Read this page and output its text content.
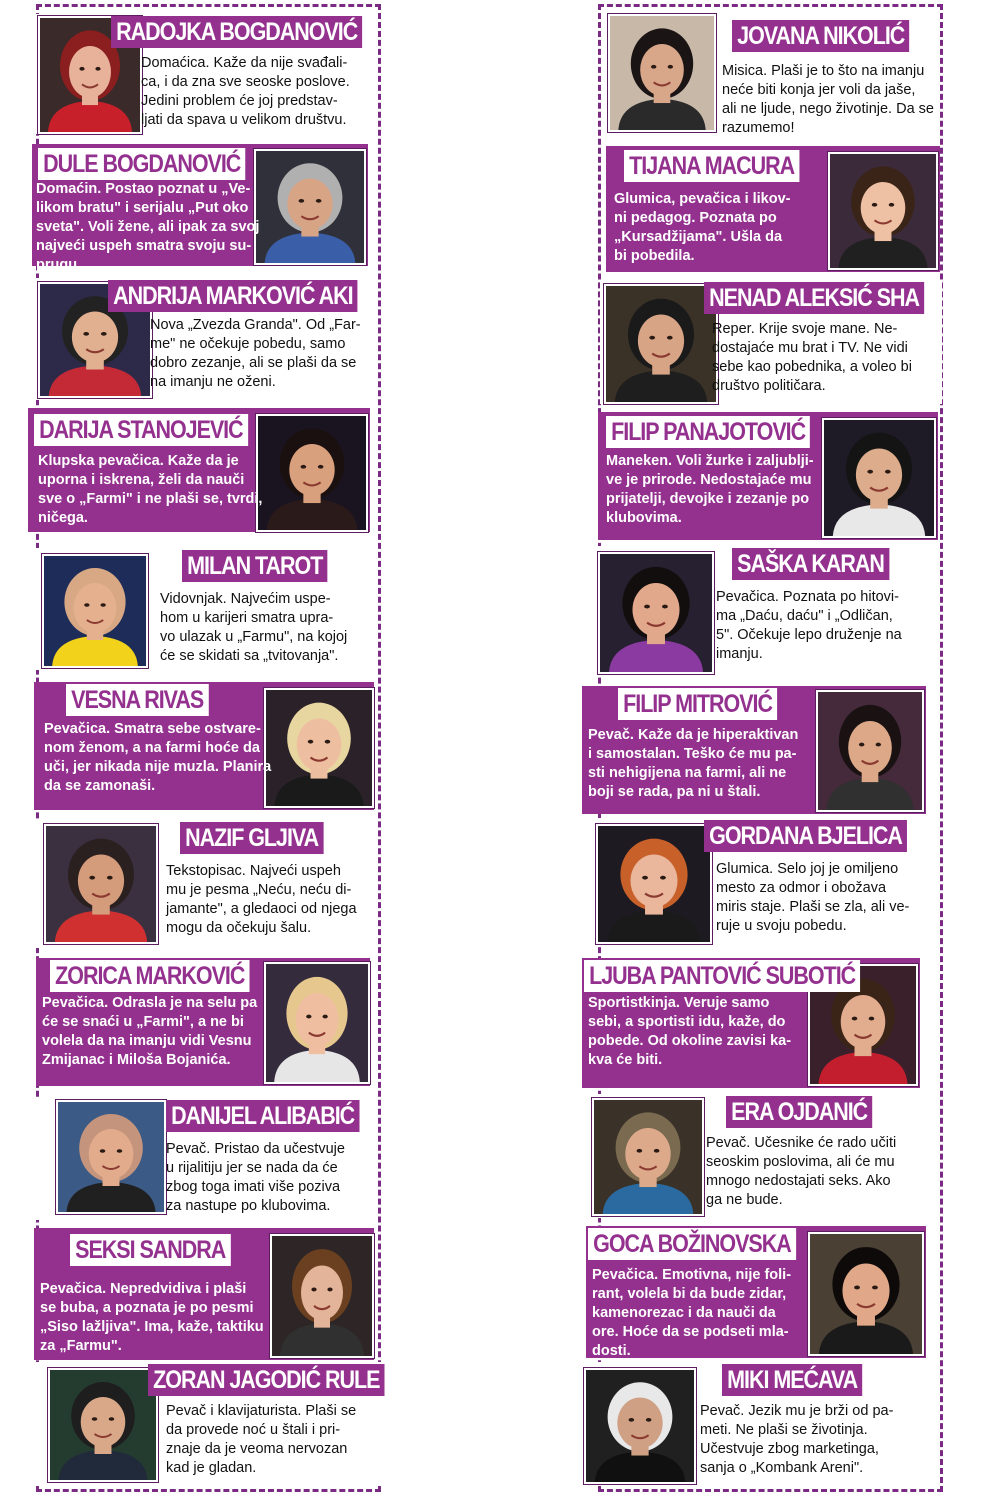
RADOJKA BOGDANOVIĆ
Domaćica. Kaže da nije svađali-
ca, i da zna sve seoske poslove.
Jedini problem će joj predstav-
ljati da spava u velikom društvu.
DULE BOGDANOVIĆ
Domaćin. Postao poznat u „Ve-
likom bratu" i serijalu „Put oko
sveta". Voli žene, ali ipak za svoj
najveći uspeh smatra svoju su-
prugu.
ANDRIJA MARKOVIĆ AKI
Nova „Zvezda Granda". Od „Far-
me" ne očekuje pobedu, samo
dobro zezanje, ali se plaši da se
na imanju ne oženi.
DARIJA STANOJEVIĆ
Klupska pevačica. Kaže da je
uporna i iskrena, želi da nauči
sve o „Farmi" i ne plaši se, tvrdi,
ničega.
MILAN TAROT
Vidovnjak. Najvećim uspe-
hom u karijeri smatra upra-
vo ulazak u „Farmu", na kojoj
će se skidati sa „tvitovanja".
VESNA RIVAS
Pevačica. Smatra sebe ostvare-
nom ženom, a na farmi hoće da
uči, jer nikada nije muzla. Planira
da se zamonaši.
NAZIF GLJIVA
Tekstopisac. Najveći uspeh
mu je pesma „Neću, neću di-
jamante", a gledaoci od njega
mogu da očekuju šalu.
ZORICA MARKOVIĆ
Pevačica. Odrasla je na selu pa
će se snaći u „Farmi", a ne bi
volela da na imanju vidi Vesnu
Zmijanac i Miloša Bojanića.
DANIJEL ALIBABIĆ
Pevač. Pristao da učestvuje
u rijalitiju jer se nada da će
zbog toga imati više poziva
za nastupe po klubovima.
SEKSI SANDRA
Pevačica. Nepredvidiva i plaši
se buba, a poznata je po pesmi
„Siso lažljiva". Ima, kaže, taktiku
za „Farmu".
ZORAN JAGODIĆ RULE
Pevač i klavijaturista. Plaši se
da provede noć u štali i pri-
znaje da je veoma nervozan
kad je gladan.
JOVANA NIKOLIĆ
Misica. Plaši je to što na imanju
neće biti konja jer voli da jaše,
ali ne ljude, nego životinje. Da se
razumemo!
TIJANA MACURA
Glumica, pevačica i likov-
ni pedagog. Poznata po
„Kursadžijama". Ušla da
bi pobedila.
NENAD ALEKSIĆ SHA
Reper. Krije svoje mane. Ne-
dostajaće mu brat i TV. Ne vidi
sebe kao pobednika, a voleo bi
društvo političara.
FILIP PANAJOTOVIĆ
Maneken. Voli žurke i zaljublji-
ve je prirode. Nedostajaće mu
prijatelji, devojke i zezanje po
klubovima.
SAŠKA KARAN
Pevačica. Poznata po hitovi-
ma „Daću, daću" i „Odličan,
5". Očekuje lepo druženje na
imanju.
FILIP MITROVIĆ
Pevač. Kaže da je hiperaktivan
i samostalan. Teško će mu pa-
sti nehigijena na farmi, ali ne
boji se rada, pa ni u štali.
GORDANA BJELICA
Glumica. Selo joj je omiljeno
mesto za odmor i obožava
miris staje. Plaši se zla, ali ve-
ruje u svoju pobedu.
LJUBA PANTOVIĆ SUBOTIĆ
Sportistkinja. Veruje samo
sebi, a sportisti idu, kaže, do
pobede. Od okoline zavisi ka-
kva će biti.
ERA OJDANIĆ
Pevač. Učesnike će rado učiti
seoskim poslovima, ali će mu
mnogo nedostajati seks. Ako
ga ne bude.
GOCA BOŽINOVSKA
Pevačica. Emotivna, nije foli-
rant, volela bi da bude zidar,
kamenorezac i da nauči da
ore. Hoće da se podseti mla-
dosti.
MIKI MEĆAVA
Pevač. Jezik mu je brži od pa-
meti. Ne plaši se životinja.
Učestvuje zbog marketinga,
sanja o „Kombank Areni".
